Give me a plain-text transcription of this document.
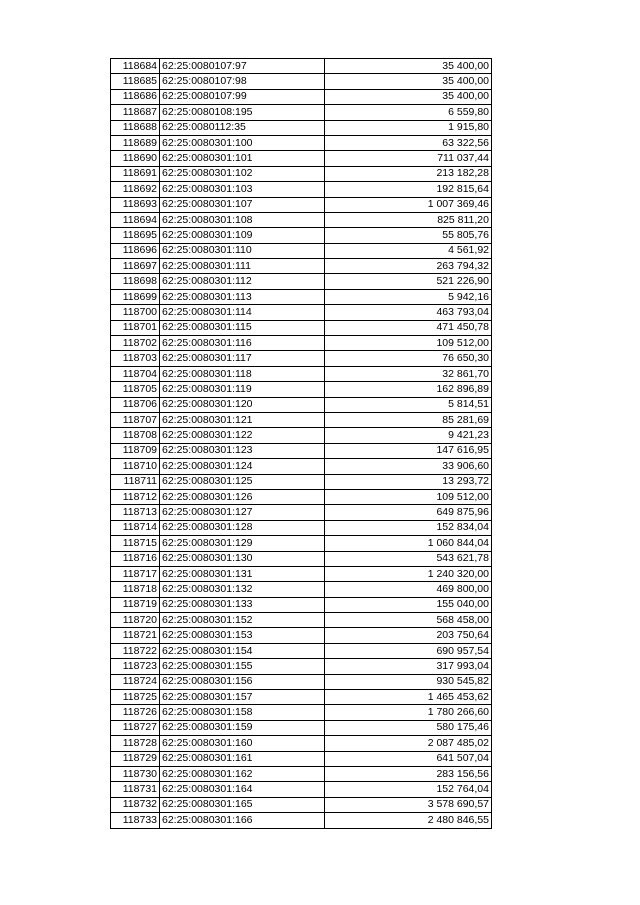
118684	62:25:0080107:97	35 400,00
118685	62:25:0080107:98	35 400,00
118686	62:25:0080107:99	35 400,00
118687	62:25:0080108:195	6 559,80
118688	62:25:0080112:35	1 915,80
118689	62:25:0080301:100	63 322,56
118690	62:25:0080301:101	711 037,44
118691	62:25:0080301:102	213 182,28
118692	62:25:0080301:103	192 815,64
118693	62:25:0080301:107	1 007 369,46
118694	62:25:0080301:108	825 811,20
118695	62:25:0080301:109	55 805,76
118696	62:25:0080301:110	4 561,92
118697	62:25:0080301:111	263 794,32
118698	62:25:0080301:112	521 226,90
118699	62:25:0080301:113	5 942,16
118700	62:25:0080301:114	463 793,04
118701	62:25:0080301:115	471 450,78
118702	62:25:0080301:116	109 512,00
118703	62:25:0080301:117	76 650,30
118704	62:25:0080301:118	32 861,70
118705	62:25:0080301:119	162 896,89
118706	62:25:0080301:120	5 814,51
118707	62:25:0080301:121	85 281,69
118708	62:25:0080301:122	9 421,23
118709	62:25:0080301:123	147 616,95
118710	62:25:0080301:124	33 906,60
118711	62:25:0080301:125	13 293,72
118712	62:25:0080301:126	109 512,00
118713	62:25:0080301:127	649 875,96
118714	62:25:0080301:128	152 834,04
118715	62:25:0080301:129	1 060 844,04
118716	62:25:0080301:130	543 621,78
118717	62:25:0080301:131	1 240 320,00
118718	62:25:0080301:132	469 800,00
118719	62:25:0080301:133	155 040,00
118720	62:25:0080301:152	568 458,00
118721	62:25:0080301:153	203 750,64
118722	62:25:0080301:154	690 957,54
118723	62:25:0080301:155	317 993,04
118724	62:25:0080301:156	930 545,82
118725	62:25:0080301:157	1 465 453,62
118726	62:25:0080301:158	1 780 266,60
118727	62:25:0080301:159	580 175,46
118728	62:25:0080301:160	2 087 485,02
118729	62:25:0080301:161	641 507,04
118730	62:25:0080301:162	283 156,56
118731	62:25:0080301:164	152 764,04
118732	62:25:0080301:165	3 578 690,57
118733	62:25:0080301:166	2 480 846,55
